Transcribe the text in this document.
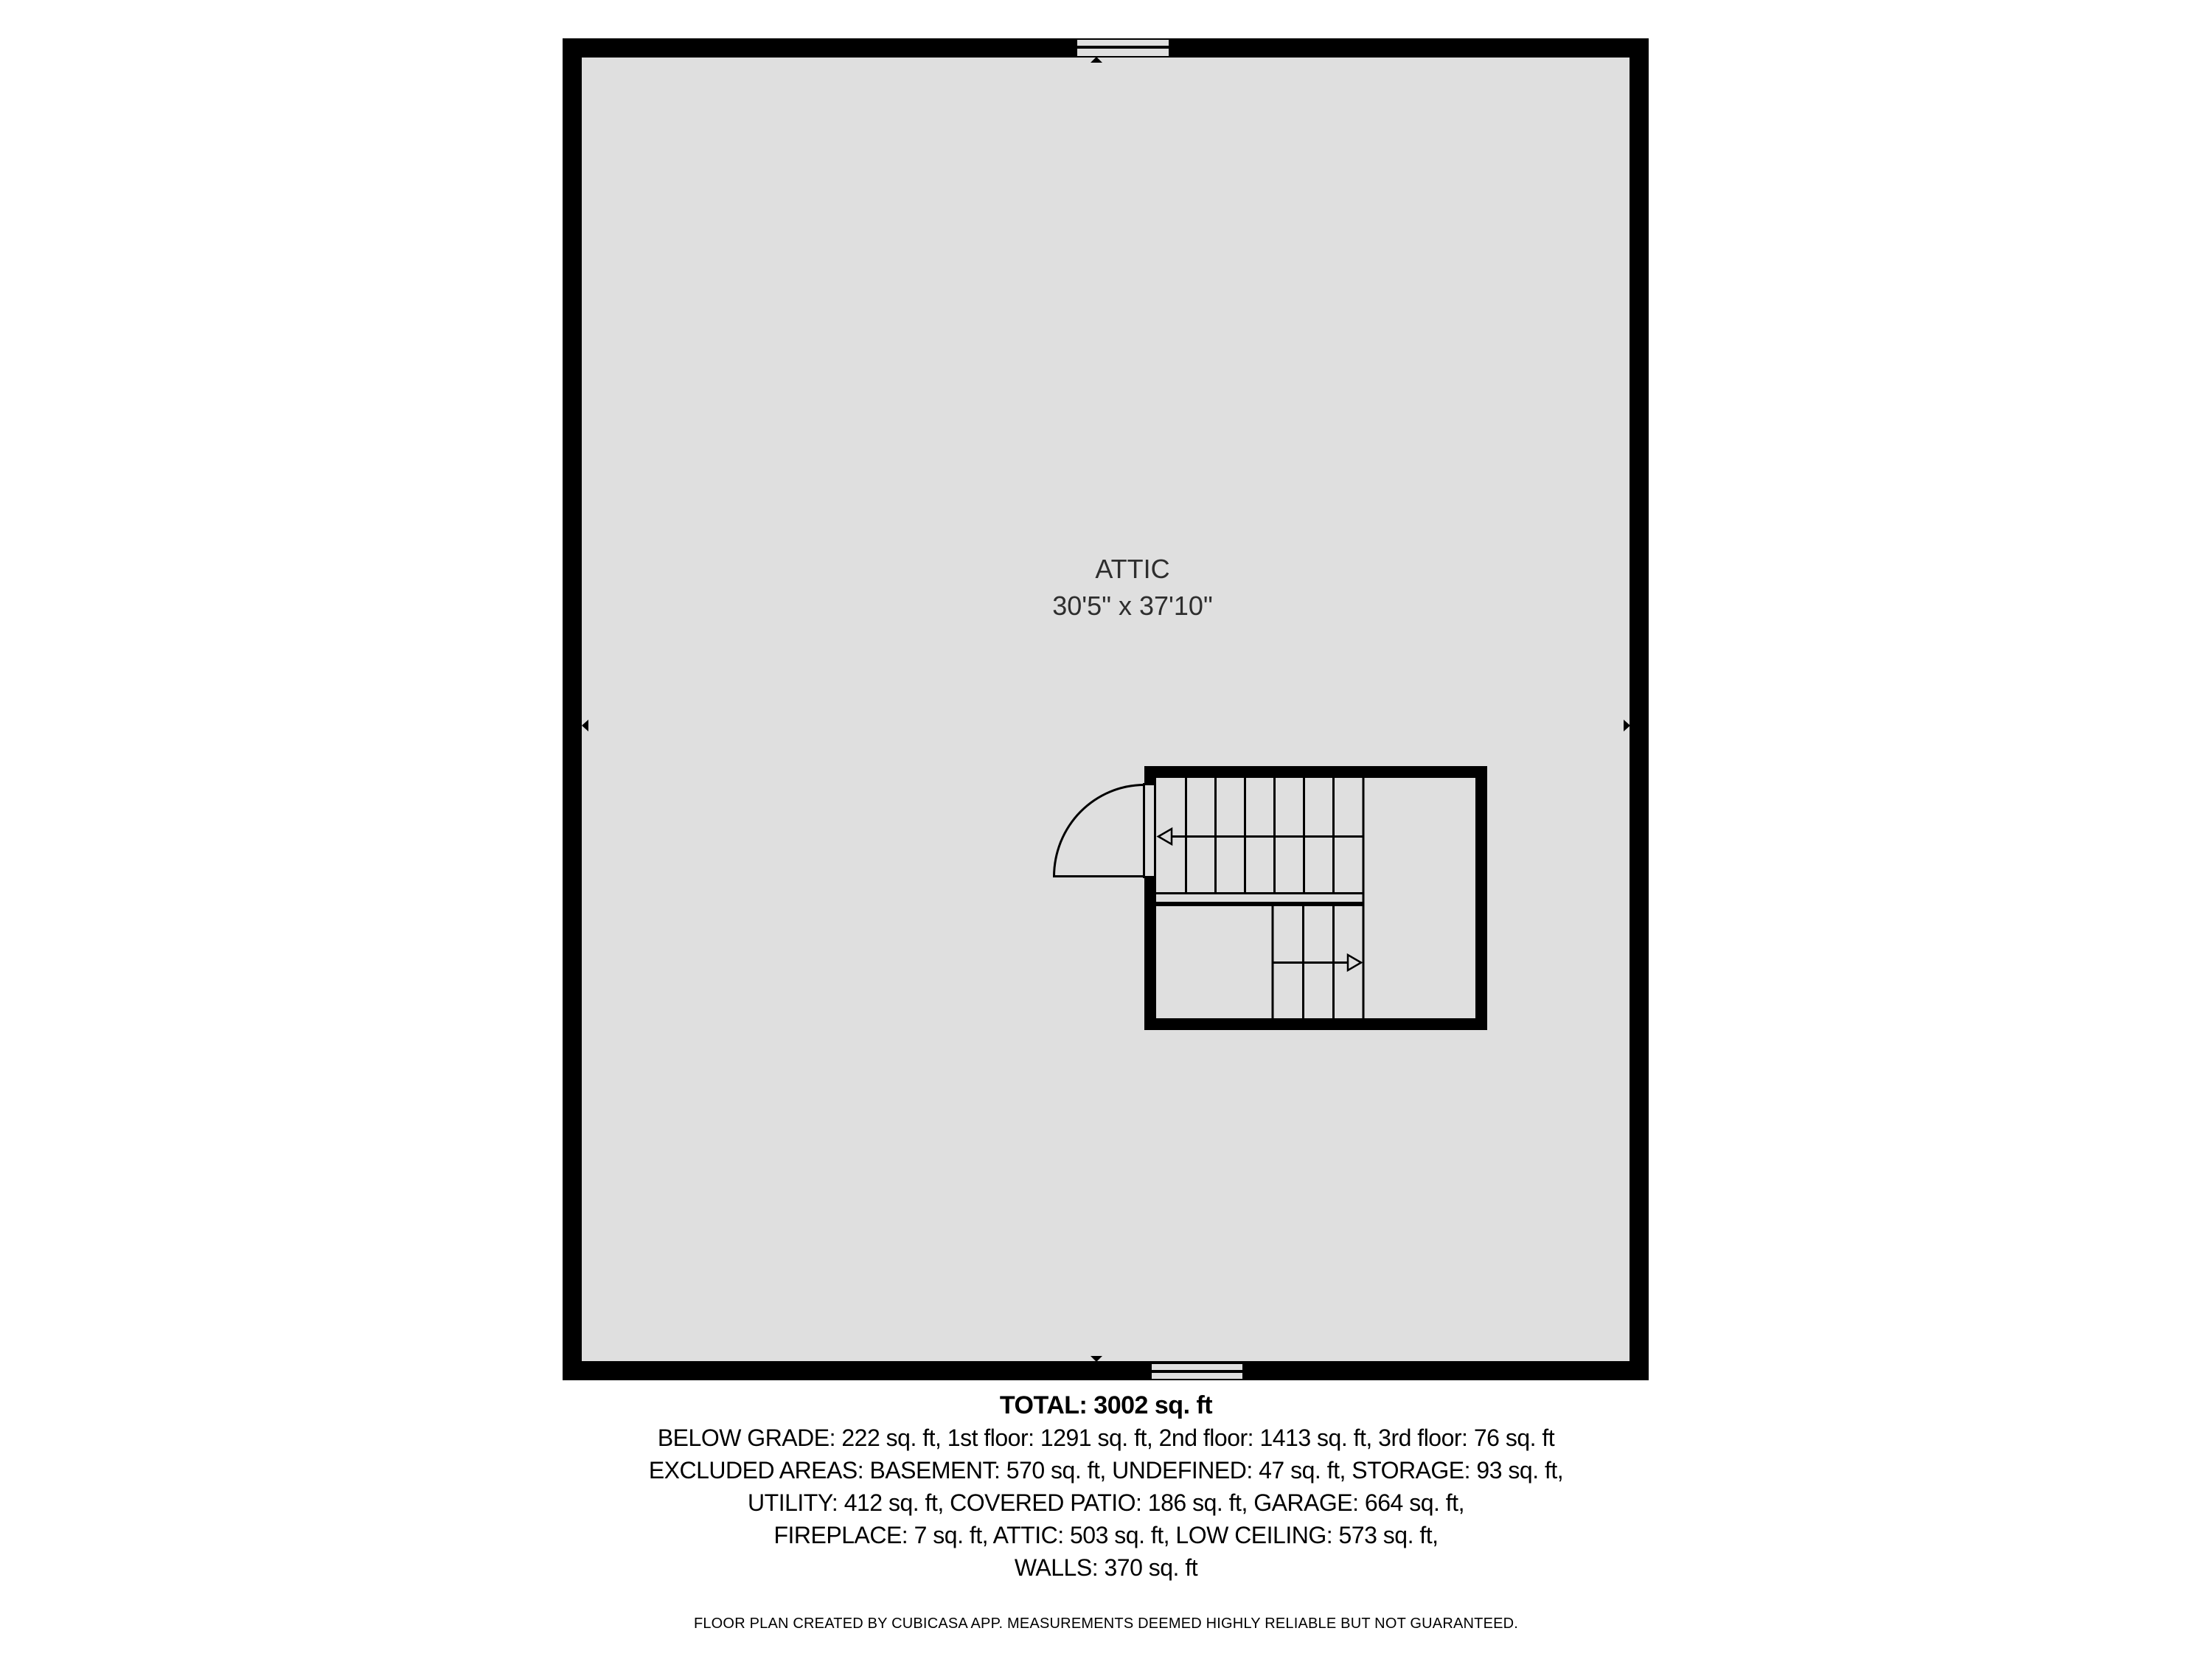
ATTIC
30'5" x 37'10"
TOTAL: 3002 sq. ft
BELOW GRADE: 222 sq. ft, 1st floor: 1291 sq. ft, 2nd floor: 1413 sq. ft, 3rd floor: 76 sq. ft
EXCLUDED AREAS: BASEMENT: 570 sq. ft, UNDEFINED: 47 sq. ft, STORAGE: 93 sq. ft,
UTILITY: 412 sq. ft, COVERED PATIO: 186 sq. ft, GARAGE: 664 sq. ft,
FIREPLACE: 7 sq. ft, ATTIC: 503 sq. ft, LOW CEILING: 573 sq. ft,
WALLS: 370 sq. ft
FLOOR PLAN CREATED BY CUBICASA APP. MEASUREMENTS DEEMED HIGHLY RELIABLE BUT NOT GUARANTEED.
